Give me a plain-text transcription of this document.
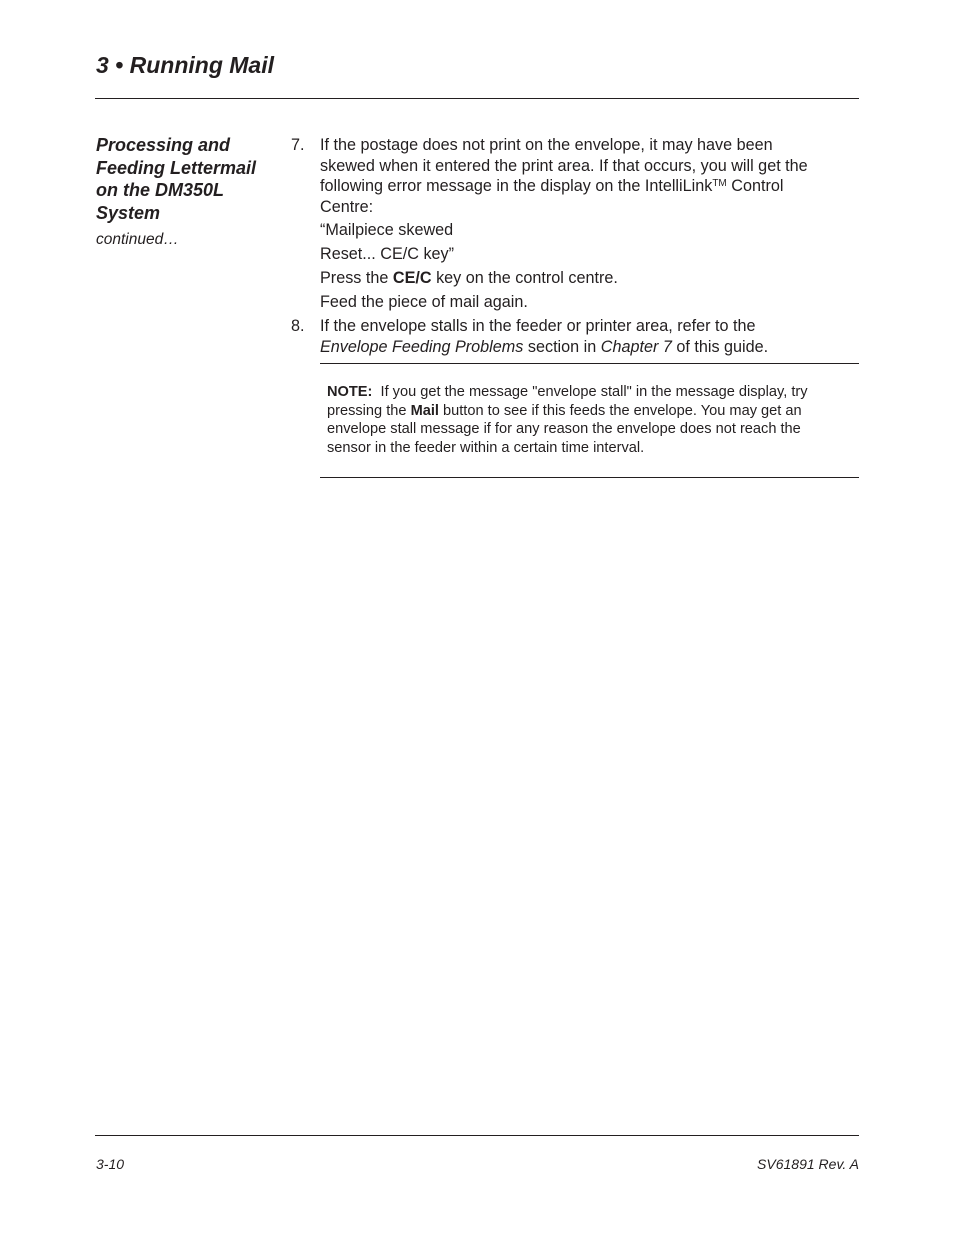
3 • Running Mail
Processing and
Feeding Lettermail
on the DM350L
System
continued…
7. If the postage does not print on the envelope, it may have been
skewed when it entered the print area. If that occurs, you will get the
following error message in the display on the IntelliLink™ Control
Centre:
“Mailpiece skewed
Reset... CE/C key”
Press the CE/C key on the control centre.
Feed the piece of mail again.
8. If the envelope stalls in the feeder or printer area, refer to the
Envelope Feeding Problems section in Chapter 7 of this guide.
NOTE:  If you get the message "envelope stall" in the message display, try
pressing the Mail button to see if this feeds the envelope. You may get an
envelope stall message if for any reason the envelope does not reach the
sensor in the feeder within a certain time interval.
3-10	SV61891 Rev. A
